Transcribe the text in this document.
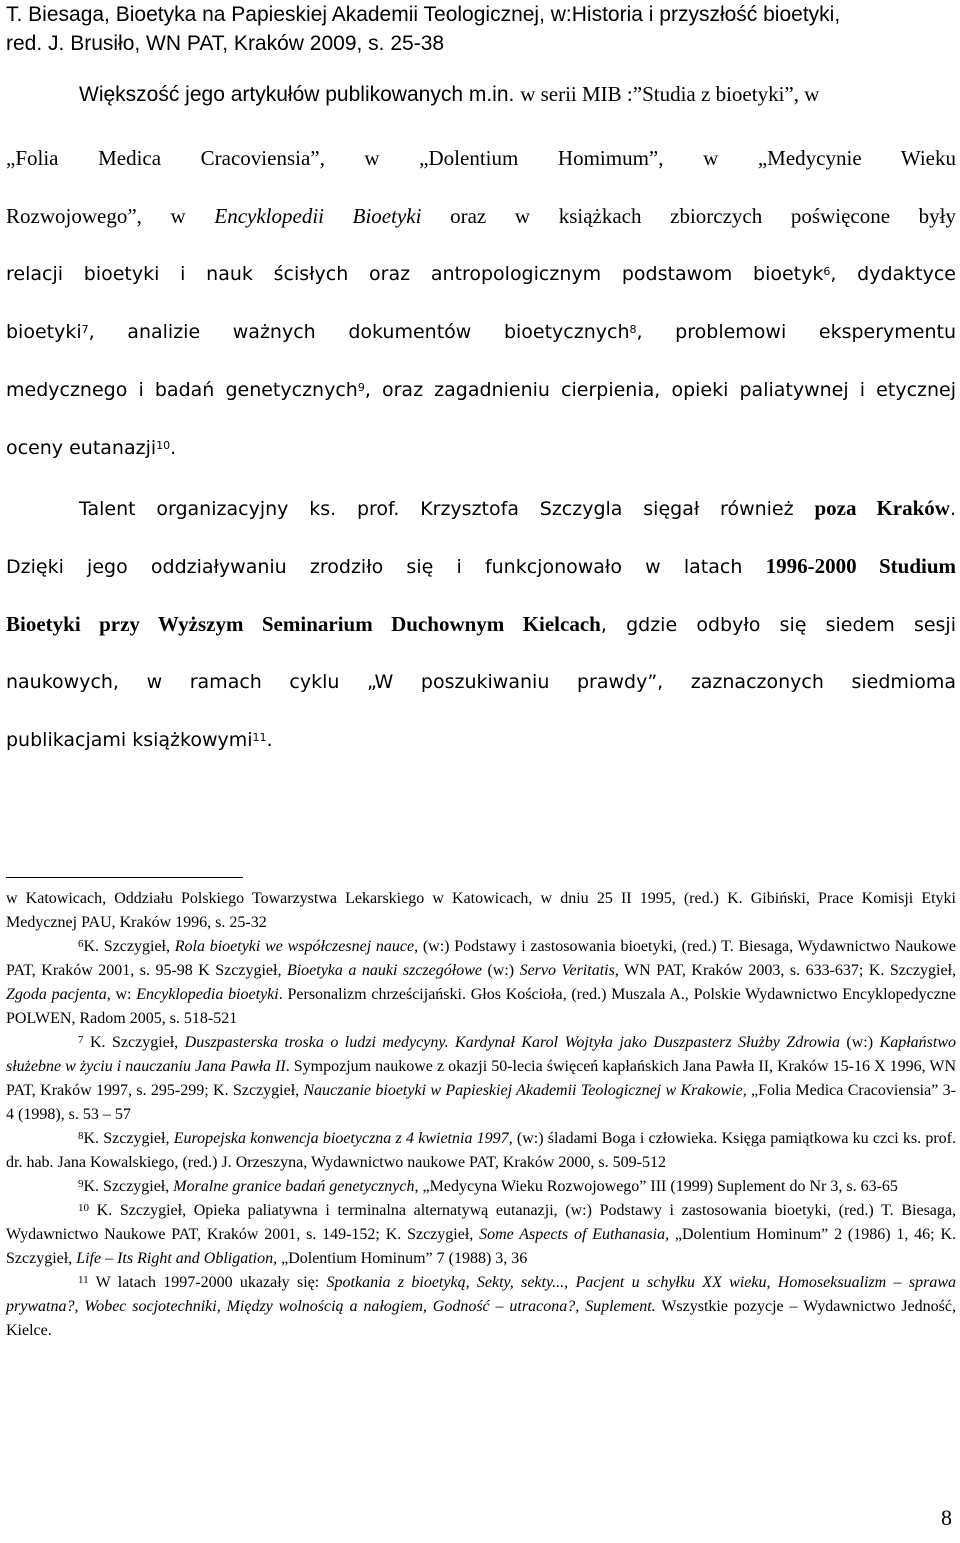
T. Biesaga, Bioetyka na Papieskiej Akademii Teologicznej, w:Historia i przyszłość bioetyki,
red. J. Brusiło, WN PAT, Kraków 2009, s. 25-38
Większość jego artykułów publikowanych m.in. w serii MIB :”Studia z bioetyki”, w
„Folia Medica Cracoviensia”, w „Dolentium Homimum”, w „Medycynie Wieku
Rozwojowego”, w Encyklopedii Bioetyki oraz w książkach zbiorczych poświęcone były
relacji bioetyki i nauk ścisłych oraz antropologicznym podstawom bioetyk$^6$, dydaktyce
bioetyki$^7$, analizie ważnych dokumentów bioetycznych$^8$, problemowi eksperymentu
medycznego i badań genetycznych$^9$, oraz zagadnieniu cierpienia, opieki paliatywnej i etycznej
oceny eutanazji$^{10}$.
Talent organizacyjny ks. prof. Krzysztofa Szczygla sięgał również poza Kraków.
Dzięki jego oddziaływaniu zrodziło się i funkcjonowało w latach 1996-2000 Studium
Bioetyki przy Wyższym Seminarium Duchownym Kielcach, gdzie odbyło się siedem sesji
naukowych, w ramach cyklu „W poszukiwaniu prawdy”, zaznaczonych siedmioma
publikacjami książkowymi$^{11}$.

w Katowicach, Oddziału Polskiego Towarzystwa Lekarskiego w Katowicach, w dniu 25 II 1995, (red.) K. Gibiński, Prace Komisji Etyki Medycznej PAU, Kraków 1996, s. 25-32

$^6$K. Szczygieł, Rola bioetyki we współczesnej nauce, (w:) Podstawy i zastosowania bioetyki, (red.) T. Biesaga, Wydawnictwo Naukowe PAT, Kraków 2001, s. 95-98 K Szczygieł, Bioetyka a nauki szczegółowe (w:) Servo Veritatis, WN PAT, Kraków 2003, s. 633-637; K. Szczygieł, Zgoda pacjenta, w: Encyklopedia bioetyki. Personalizm chrześcijański. Głos Kościoła, (red.) Muszala A., Polskie Wydawnictwo Encyklopedyczne POLWEN, Radom 2005, s. 518-521

$^7$ K. Szczygieł, Duszpasterska troska o ludzi medycyny. Kardynał Karol Wojtyła jako Duszpasterz Służby Zdrowia (w:) Kapłaństwo służebne w życiu i nauczaniu Jana Pawła II. Sympozjum naukowe z okazji 50-lecia święceń kapłańskich Jana Pawła II, Kraków 15-16 X 1996, WN PAT, Kraków 1997, s. 295-299; K. Szczygieł, Nauczanie bioetyki w Papieskiej Akademii Teologicznej w Krakowie, „Folia Medica Cracoviensia” 3-4 (1998), s. 53 – 57

$^8$K. Szczygieł, Europejska konwencja bioetyczna z 4 kwietnia 1997, (w:) śladami Boga i człowieka. Księga pamiątkowa ku czci ks. prof. dr. hab. Jana Kowalskiego, (red.) J. Orzeszyna, Wydawnictwo naukowe PAT, Kraków 2000, s. 509-512

$^9$K. Szczygieł, Moralne granice badań genetycznych, „Medycyna Wieku Rozwojowego” III (1999) Suplement do Nr 3, s. 63-65

$^{10}$ K. Szczygieł, Opieka paliatywna i terminalna alternatywą eutanazji, (w:) Podstawy i zastosowania bioetyki, (red.) T. Biesaga, Wydawnictwo Naukowe PAT, Kraków 2001, s. 149-152; K. Szczygieł, Some Aspects of Euthanasia, „Dolentium Hominum” 2 (1986) 1, 46; K. Szczygieł, Life – Its Right and Obligation, „Dolentium Hominum” 7 (1988) 3, 36

$^{11}$ W latach 1997-2000 ukazały się: Spotkania z bioetyką, Sekty, sekty..., Pacjent u schyłku XX wieku, Homoseksualizm – sprawa prywatna?, Wobec socjotechniki, Między wolnością a nałogiem, Godność – utracona?, Suplement. Wszystkie pozycje – Wydawnictwo Jedność, Kielce.

8
